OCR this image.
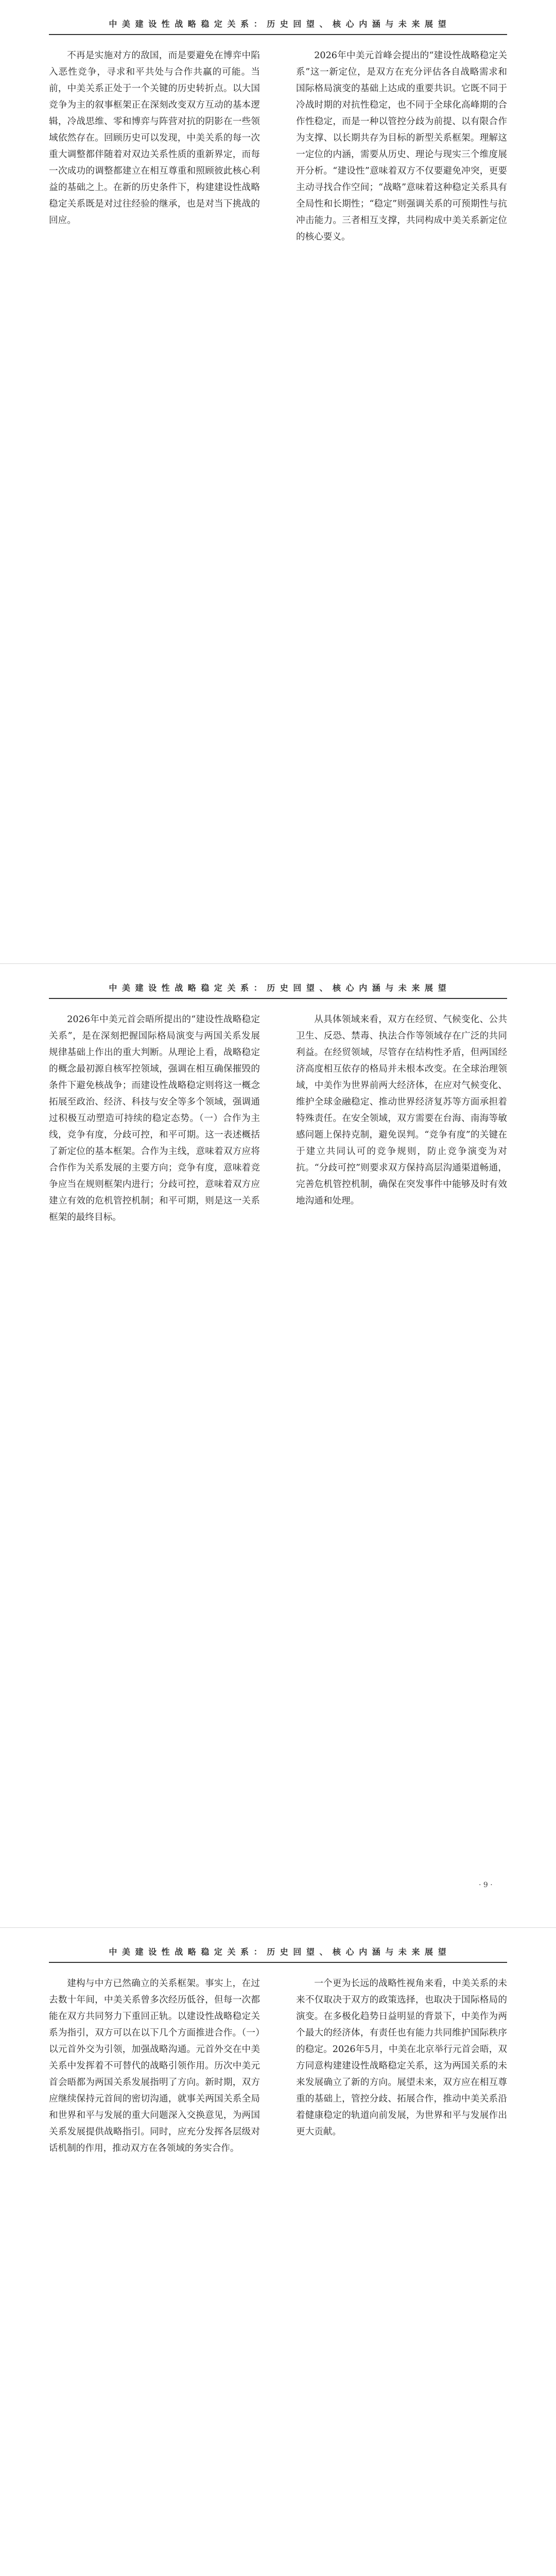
中 美 建 设 性 战 略 稳 定 关 系 ： 历 史 回 望 、 核 心 内 涵 与 未 来 展 望

不再是实施对方的敌国，而是要避免在博弈中陷入恶性竞争，寻求和平共处与合作共赢的可能。当前，中美关系正处于一个关键的历史转折点。以大国竞争为主的叙事框架正在深刻改变双方互动的基本逻辑，冷战思维、零和博弈与阵营对抗的阴影在一些领域依然存在。回顾历史可以发现，中美关系的每一次重大调整都伴随着对双边关系性质的重新界定，而每一次成功的调整都建立在相互尊重和照顾彼此核心利益的基础之上。在新的历史条件下，构建建设性战略稳定关系既是对过往经验的继承，也是对当下挑战的回应。

2026年中美元首峰会提出的“建设性战略稳定关系”这一新定位，是双方在充分评估各自战略需求和国际格局演变的基础上达成的重要共识。它既不同于冷战时期的对抗性稳定，也不同于全球化高峰期的合作性稳定，而是一种以管控分歧为前提、以有限合作为支撑、以长期共存为目标的新型关系框架。理解这一定位的内涵，需要从历史、理论与现实三个维度展开分析。“建设性”意味着双方不仅要避免冲突，更要主动寻找合作空间；“战略”意味着这种稳定关系具有全局性和长期性；“稳定”则强调关系的可预期性与抗冲击能力。三者相互支撑，共同构成中美关系新定位的核心要义。

中 美 建 设 性 战 略 稳 定 关 系 ： 历 史 回 望 、 核 心 内 涵 与 未 来 展 望

2026年中美元首会晤所提出的“建设性战略稳定关系”，是在深刻把握国际格局演变与两国关系发展规律基础上作出的重大判断。从理论上看，战略稳定的概念最初源自核军控领域，强调在相互确保摧毁的条件下避免核战争；而建设性战略稳定则将这一概念拓展至政治、经济、科技与安全等多个领域，强调通过积极互动塑造可持续的稳定态势。（一）合作为主线，竞争有度，分歧可控，和平可期。这一表述概括了新定位的基本框架。合作为主线，意味着双方应将合作作为关系发展的主要方向；竞争有度，意味着竞争应当在规则框架内进行；分歧可控，意味着双方应建立有效的危机管控机制；和平可期，则是这一关系框架的最终目标。

从具体领域来看，双方在经贸、气候变化、公共卫生、反恐、禁毒、执法合作等领域存在广泛的共同利益。在经贸领域，尽管存在结构性矛盾，但两国经济高度相互依存的格局并未根本改变。在全球治理领域，中美作为世界前两大经济体，在应对气候变化、维护全球金融稳定、推动世界经济复苏等方面承担着特殊责任。在安全领域，双方需要在台海、南海等敏感问题上保持克制，避免误判。“竞争有度”的关键在于建立共同认可的竞争规则，防止竞争演变为对抗。“分歧可控”则要求双方保持高层沟通渠道畅通，完善危机管控机制，确保在突发事件中能够及时有效地沟通和处理。

· 9 ·
中 美 建 设 性 战 略 稳 定 关 系 ： 历 史 回 望 、 核 心 内 涵 与 未 来 展 望

建构与中方已然确立的关系框架。事实上，在过去数十年间，中美关系曾多次经历低谷，但每一次都能在双方共同努力下重回正轨。以建设性战略稳定关系为指引，双方可以在以下几个方面推进合作。（一）以元首外交为引领，加强战略沟通。元首外交在中美关系中发挥着不可替代的战略引领作用。历次中美元首会晤都为两国关系发展指明了方向。新时期，双方应继续保持元首间的密切沟通，就事关两国关系全局和世界和平与发展的重大问题深入交换意见，为两国关系发展提供战略指引。同时，应充分发挥各层级对话机制的作用，推动双方在各领域的务实合作。

一个更为长远的战略性视角来看，中美关系的未来不仅取决于双方的政策选择，也取决于国际格局的演变。在多极化趋势日益明显的背景下，中美作为两个最大的经济体，有责任也有能力共同维护国际秩序的稳定。2026年5月，中美在北京举行元首会晤，双方同意构建建设性战略稳定关系，这为两国关系的未来发展确立了新的方向。展望未来，双方应在相互尊重的基础上，管控分歧、拓展合作，推动中美关系沿着健康稳定的轨道向前发展，为世界和平与发展作出更大贡献。
